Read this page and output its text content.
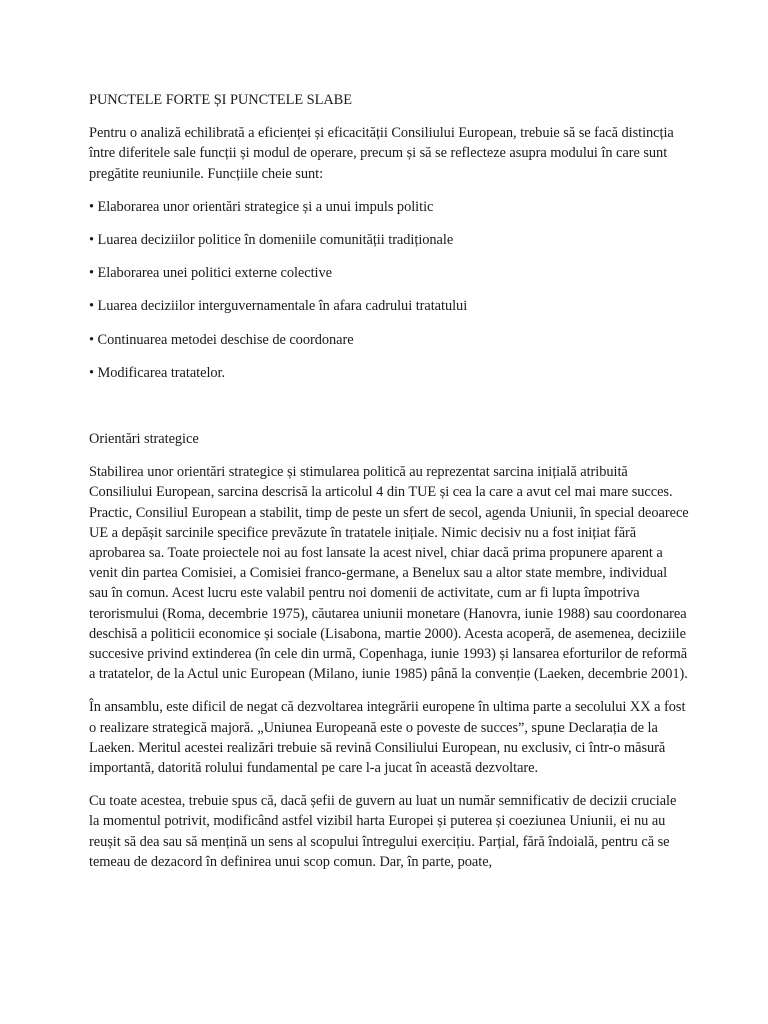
PUNCTELE FORTE ȘI PUNCTELE SLABE

Pentru o analiză echilibrată a eficienței și eficacității Consiliului European, trebuie să se facă distincția între diferitele sale funcții și modul de operare, precum și să se reflecteze asupra modului în care sunt pregătite reuniunile. Funcțiile cheie sunt:

• Elaborarea unor orientări strategice și a unui impuls politic

• Luarea deciziilor politice în domeniile comunității tradiționale

• Elaborarea unei politici externe colective

• Luarea deciziilor interguvernamentale în afara cadrului tratatului

• Continuarea metodei deschise de coordonare

• Modificarea tratatelor.

Orientări strategice

Stabilirea unor orientări strategice și stimularea politică au reprezentat sarcina inițială atribuită Consiliului European, sarcina descrisă la articolul 4 din TUE și cea la care a avut cel mai mare succes. Practic, Consiliul European a stabilit, timp de peste un sfert de secol, agenda Uniunii, în special deoarece UE a depășit sarcinile specifice prevăzute în tratatele inițiale. Nimic decisiv nu a fost inițiat fără aprobarea sa. Toate proiectele noi au fost lansate la acest nivel, chiar dacă prima propunere aparent a venit din partea Comisiei, a Comisiei franco-germane, a Benelux sau a altor state membre, individual sau în comun. Acest lucru este valabil pentru noi domenii de activitate, cum ar fi lupta împotriva terorismului (Roma, decembrie 1975), căutarea uniunii monetare (Hanovra, iunie 1988) sau coordonarea deschisă a politicii economice și sociale (Lisabona, martie 2000). Acesta acoperă, de asemenea, deciziile succesive privind extinderea (în cele din urmă, Copenhaga, iunie 1993) și lansarea eforturilor de reformă a tratatelor, de la Actul unic European (Milano, iunie 1985) până la convenție (Laeken, decembrie 2001).

În ansamblu, este dificil de negat că dezvoltarea integrării europene în ultima parte a secolului XX a fost o realizare strategică majoră. „Uniunea Europeană este o poveste de succes”, spune Declarația de la Laeken. Meritul acestei realizări trebuie să revină Consiliului European, nu exclusiv, ci într-o măsură importantă, datorită rolului fundamental pe care l-a jucat în această dezvoltare.

Cu toate acestea, trebuie spus că, dacă șefii de guvern au luat un număr semnificativ de decizii cruciale la momentul potrivit, modificând astfel vizibil harta Europei și puterea și coeziunea Uniunii, ei nu au reușit să dea sau să mențină un sens al scopului întregului exercițiu. Parțial, fără îndoială, pentru că se temeau de dezacord în definirea unui scop comun. Dar, în parte, poate,
